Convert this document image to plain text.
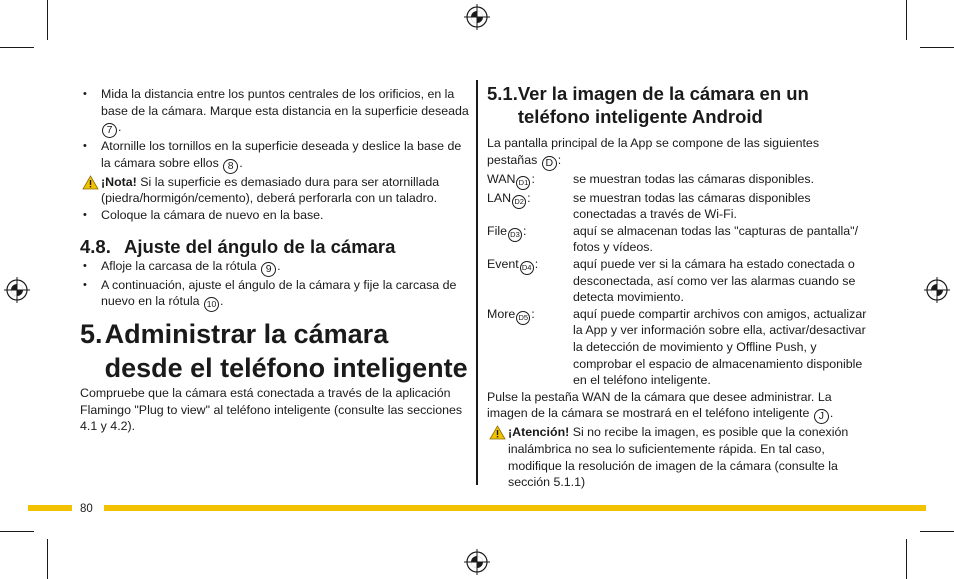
• Mida la distancia entre los puntos centrales de los orificios, en la base de la cámara. Marque esta distancia en la superficie deseada 7 .
• Atornille los tornillos en la superficie deseada y deslice la base de la cámara sobre ellos 8 .
¡Nota! Si la superficie es demasiado dura para ser atornillada (piedra/hormigón/cemento), deberá perforarla con un taladro.
• Coloque la cámara de nuevo en la base.
4.8. Ajuste del ángulo de la cámara
• Afloje la carcasa de la rótula 9 .
• A continuación, ajuste el ángulo de la cámara y fije la carcasa de nuevo en la rótula 10 .
5. Administrar la cámara desde el teléfono inteligente
Compruebe que la cámara está conectada a través de la aplicación Flamingo "Plug to view" al teléfono inteligente (consulte las secciones 4.1 y 4.2).
5.1. Ver la imagen de la cámara en un teléfono inteligente Android
La pantalla principal de la App se compone de las siguientes pestañas D :
WAN D1 :	se muestran todas las cámaras disponibles.
LAN D2 :	se muestran todas las cámaras disponibles conectadas a través de Wi-Fi.
File D3 :	aquí se almacenan todas las "capturas de pantalla"/ fotos y vídeos.
Event D4 :	aquí puede ver si la cámara ha estado conectada o desconectada, así como ver las alarmas cuando se detecta movimiento.
More D5 :	aquí puede compartir archivos con amigos, actualizar la App y ver información sobre ella, activar/desactivar la detección de movimiento y Offline Push, y comprobar el espacio de almacenamiento disponible en el teléfono inteligente.
Pulse la pestaña WAN de la cámara que desee administrar. La imagen de la cámara se mostrará en el teléfono inteligente J .
¡Atención! Si no recibe la imagen, es posible que la conexión inalámbrica no sea lo suficientemente rápida. En tal caso, modifique la resolución de imagen de la cámara (consulte la sección 5.1.1)
80
